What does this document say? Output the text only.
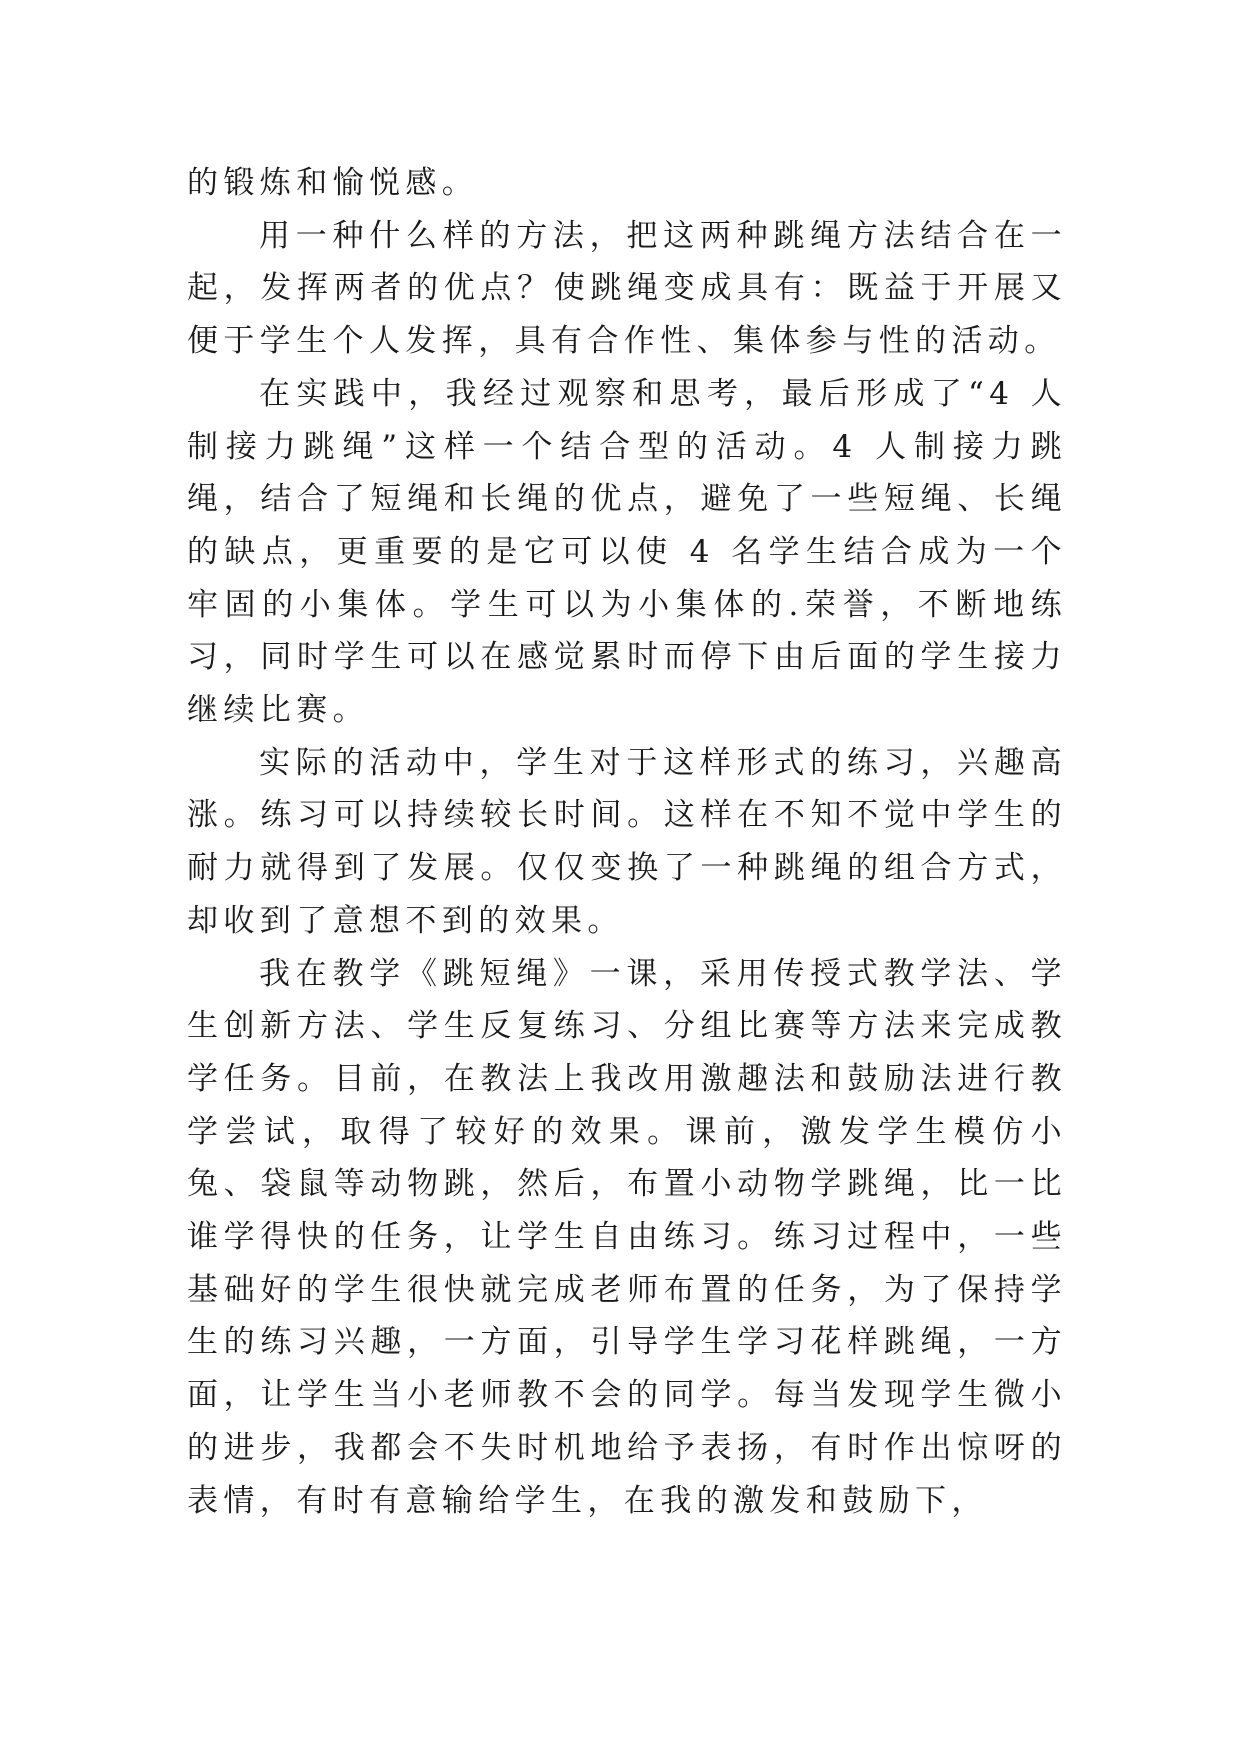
的锻炼和愉悦感。

用一种什么样的方法，把这两种跳绳方法结合在一起，发挥两者的优点？使跳绳变成具有：既益于开展又便于学生个人发挥，具有合作性、集体参与性的活动。

在实践中，我经过观察和思考，最后形成了“4 人制接力跳绳”这样一个结合型的活动。4 人制接力跳绳，结合了短绳和长绳的优点，避免了一些短绳、长绳的缺点，更重要的是它可以使 4 名学生结合成为一个牢固的小集体。学生可以为小集体的.荣誉，不断地练习，同时学生可以在感觉累时而停下由后面的学生接力继续比赛。

实际的活动中，学生对于这样形式的练习，兴趣高涨。练习可以持续较长时间。这样在不知不觉中学生的耐力就得到了发展。仅仅变换了一种跳绳的组合方式，却收到了意想不到的效果。

我在教学《跳短绳》一课，采用传授式教学法、学生创新方法、学生反复练习、分组比赛等方法来完成教学任务。目前，在教法上我改用激趣法和鼓励法进行教学尝试，取得了较好的效果。课前，激发学生模仿小兔、袋鼠等动物跳，然后，布置小动物学跳绳，比一比谁学得快的任务，让学生自由练习。练习过程中，一些基础好的学生很快就完成老师布置的任务，为了保持学生的练习兴趣，一方面，引导学生学习花样跳绳，一方面，让学生当小老师教不会的同学。每当发现学生微小的进步，我都会不失时机地给予表扬，有时作出惊呀的表情，有时有意输给学生，在我的激发和鼓励下，
